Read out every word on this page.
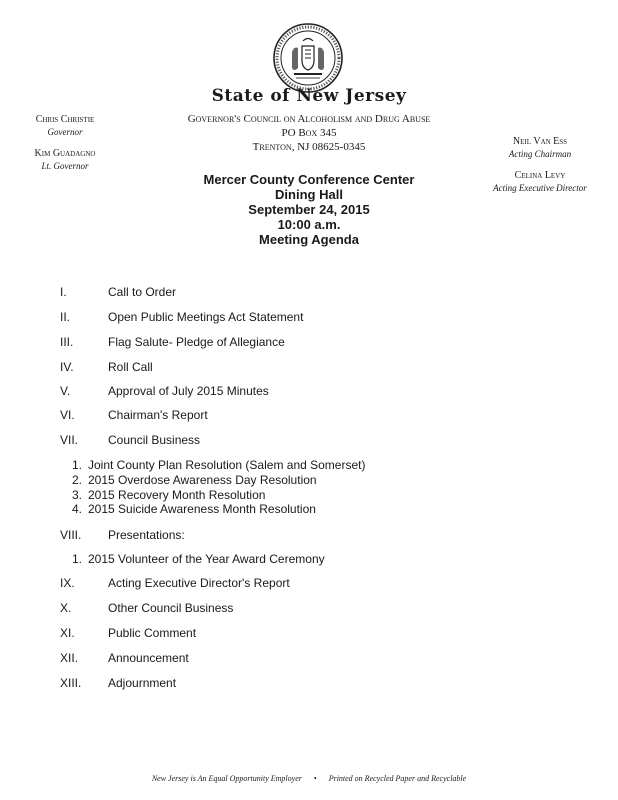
State of New Jersey
Governor's Council on Alcoholism and Drug Abuse
PO Box 345
Trenton, NJ 08625-0345
Chris Christie
Governor
Kim Guadagno
Lt. Governor
Neil Van Ess
Acting Chairman
Celina Levy
Acting Executive Director
Mercer County Conference Center
Dining Hall
September 24, 2015
10:00 a.m.
Meeting Agenda
I.	Call to Order
II.	Open Public Meetings Act Statement
III.	Flag Salute- Pledge of Allegiance
IV.	Roll Call
V.	Approval of July 2015 Minutes
VI.	Chairman's Report
VII.	Council Business
1. Joint County Plan Resolution (Salem and Somerset)
2. 2015 Overdose Awareness Day Resolution
3. 2015 Recovery Month Resolution
4. 2015 Suicide Awareness Month Resolution
VIII.	Presentations:
1. 2015 Volunteer of the Year Award Ceremony
IX.	Acting Executive Director's Report
X.	Other Council Business
XI.	Public Comment
XII.	Announcement
XIII.	Adjournment
New Jersey is An Equal Opportunity Employer • Printed on Recycled Paper and Recyclable
